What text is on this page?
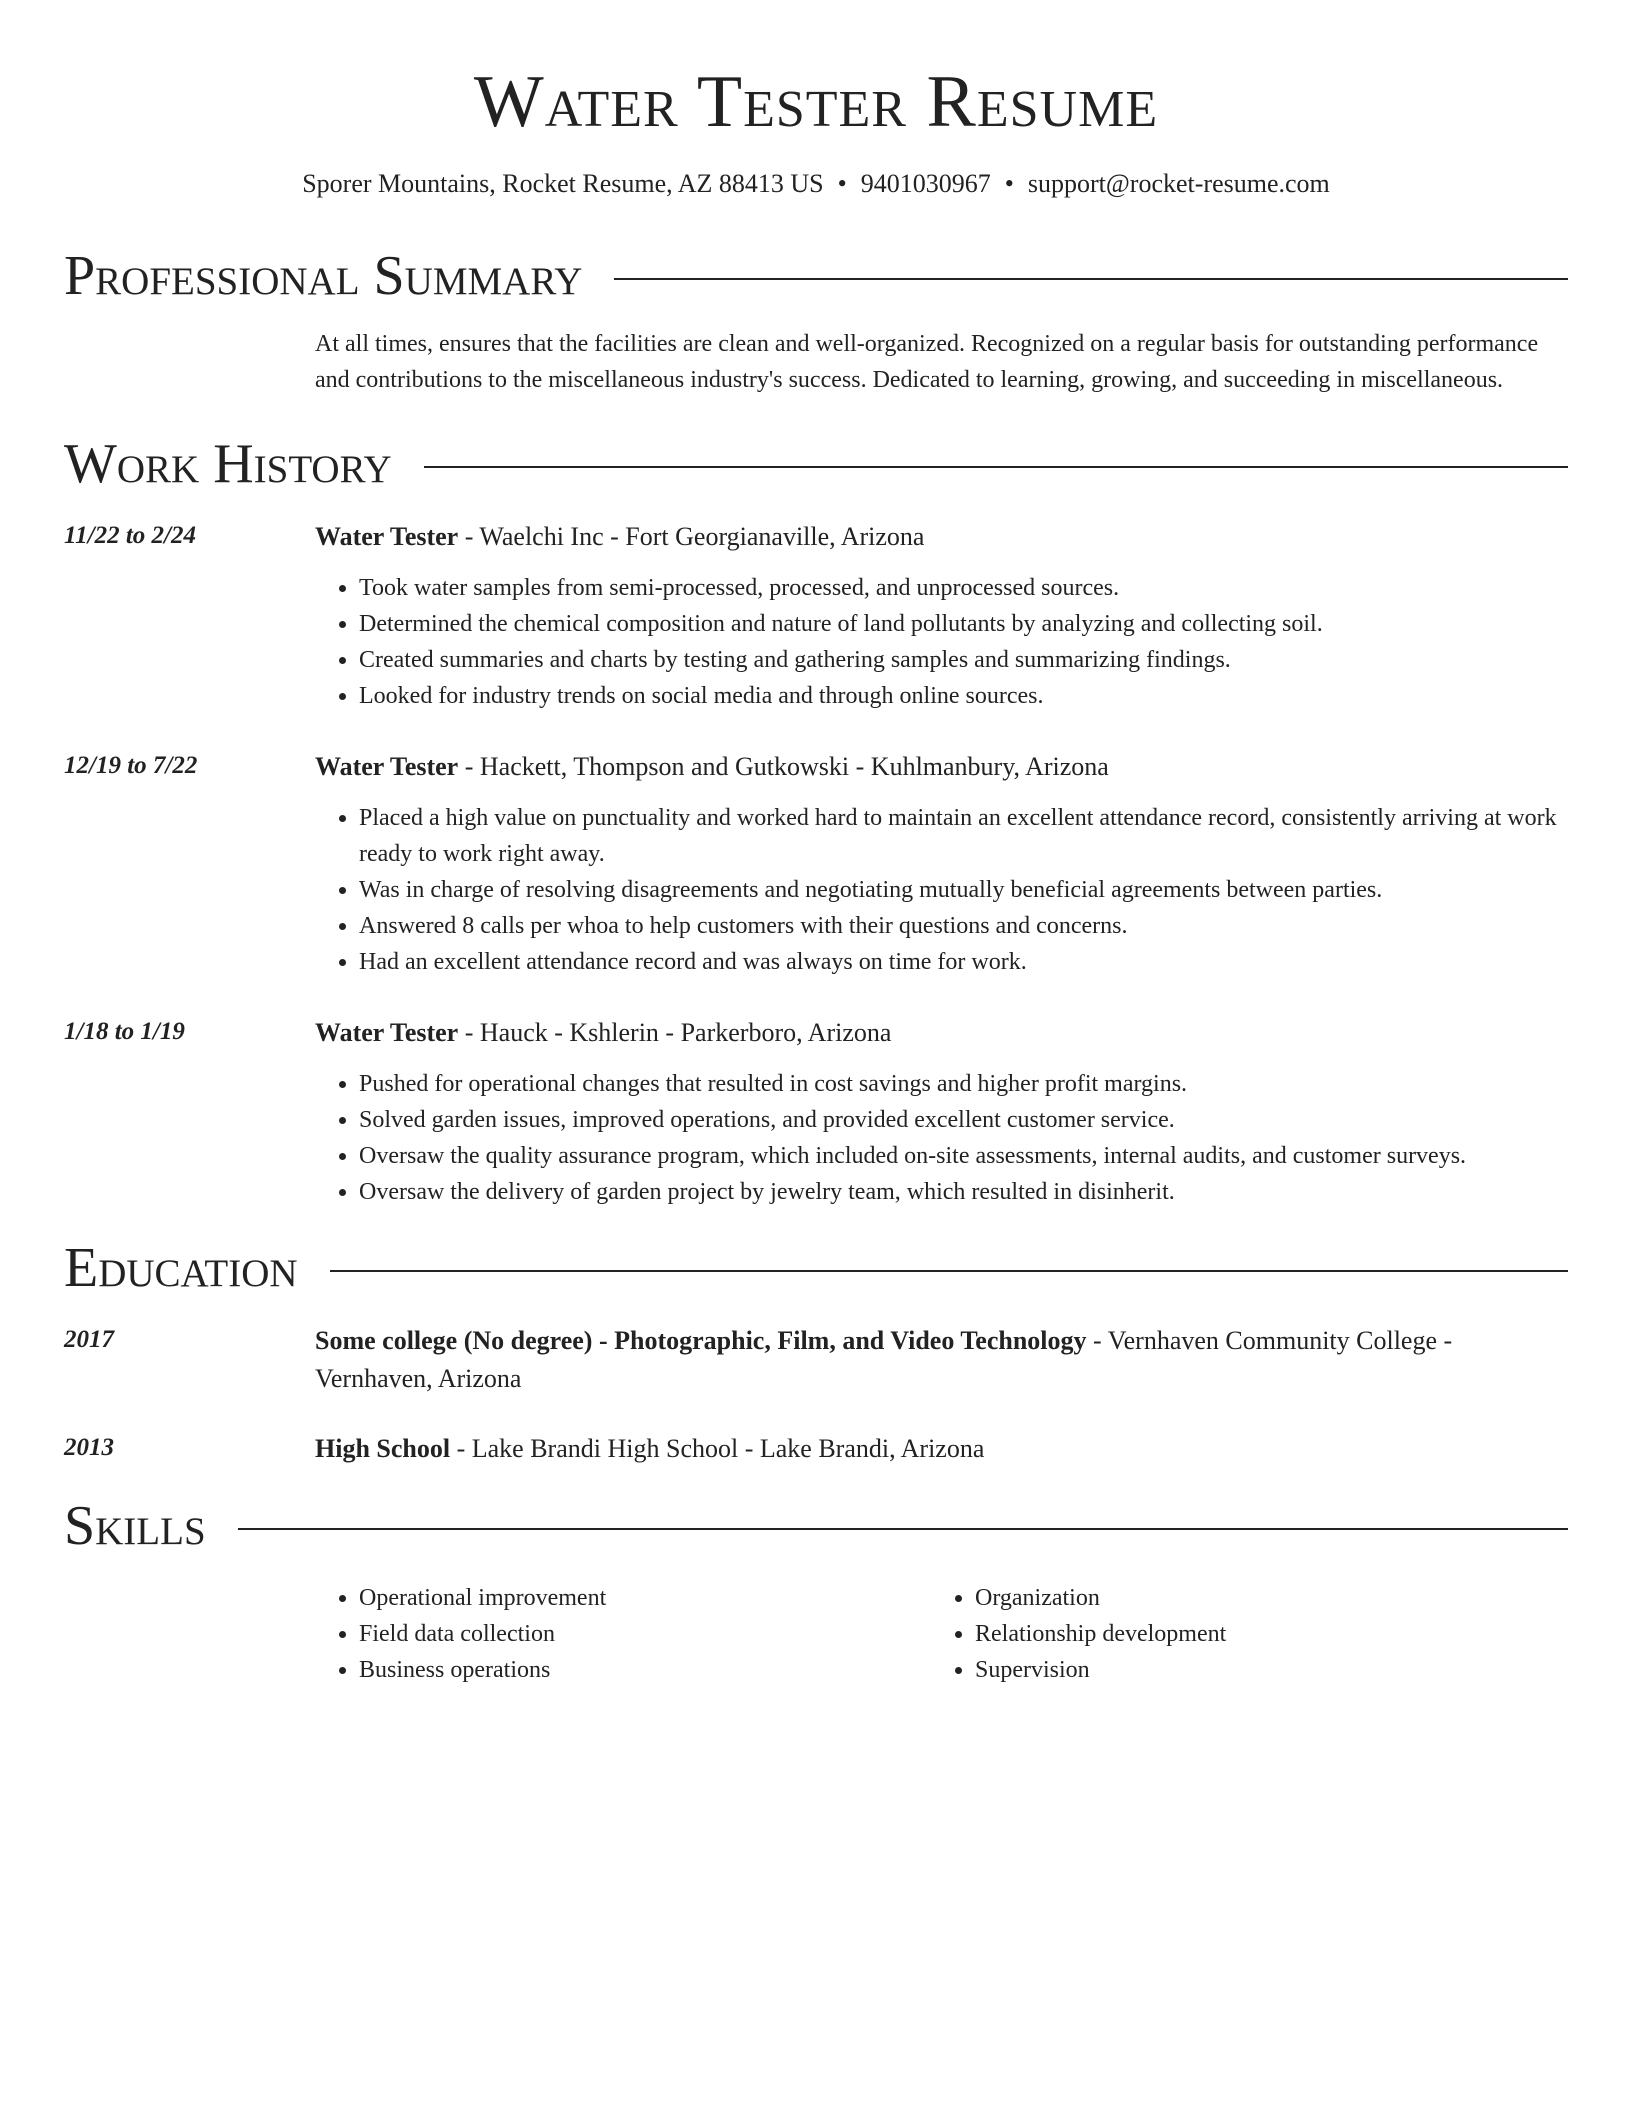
Water Tester Resume
Sporer Mountains, Rocket Resume, AZ 88413 US • 9401030967 • support@rocket-resume.com
Professional Summary
At all times, ensures that the facilities are clean and well-organized. Recognized on a regular basis for outstanding performance and contributions to the miscellaneous industry's success. Dedicated to learning, growing, and succeeding in miscellaneous.
Work History
11/22 to 2/24	Water Tester - Waelchi Inc - Fort Georgianaville, Arizona
• Took water samples from semi-processed, processed, and unprocessed sources.
• Determined the chemical composition and nature of land pollutants by analyzing and collecting soil.
• Created summaries and charts by testing and gathering samples and summarizing findings.
• Looked for industry trends on social media and through online sources.
12/19 to 7/22	Water Tester - Hackett, Thompson and Gutkowski - Kuhlmanbury, Arizona
• Placed a high value on punctuality and worked hard to maintain an excellent attendance record, consistently arriving at work ready to work right away.
• Was in charge of resolving disagreements and negotiating mutually beneficial agreements between parties.
• Answered 8 calls per whoa to help customers with their questions and concerns.
• Had an excellent attendance record and was always on time for work.
1/18 to 1/19	Water Tester - Hauck - Kshlerin - Parkerboro, Arizona
• Pushed for operational changes that resulted in cost savings and higher profit margins.
• Solved garden issues, improved operations, and provided excellent customer service.
• Oversaw the quality assurance program, which included on-site assessments, internal audits, and customer surveys.
• Oversaw the delivery of garden project by jewelry team, which resulted in disinherit.
Education
2017	Some college (No degree) - Photographic, Film, and Video Technology - Vernhaven Community College - Vernhaven, Arizona
2013	High School - Lake Brandi High School - Lake Brandi, Arizona
Skills
• Operational improvement
• Field data collection
• Business operations
• Organization
• Relationship development
• Supervision
